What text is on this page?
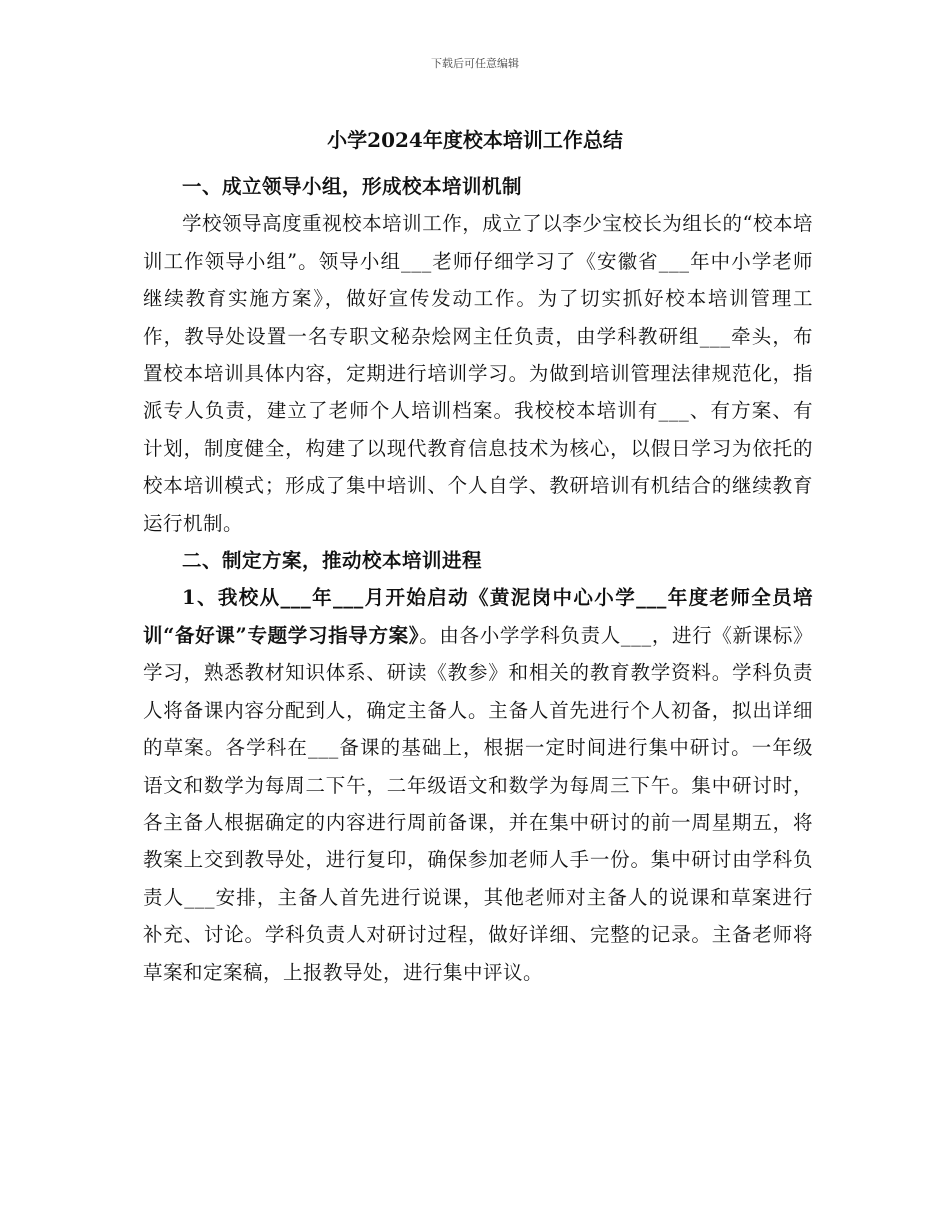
下载后可任意编辑
小学2024年度校本培训工作总结

一、成立领导小组，形成校本培训机制

学校领导高度重视校本培训工作，成立了以李少宝校长为组长的“校本培训工作领导小组”。领导小组___老师仔细学习了《安徽省___年中小学老师继续教育实施方案》，做好宣传发动工作。为了切实抓好校本培训管理工作，教导处设置一名专职文秘杂烩网主任负责，由学科教研组___牵头，布置校本培训具体内容，定期进行培训学习。为做到培训管理法律规范化，指派专人负责，建立了老师个人培训档案。我校校本培训有___、有方案、有计划，制度健全，构建了以现代教育信息技术为核心，以假日学习为依托的校本培训模式；形成了集中培训、个人自学、教研培训有机结合的继续教育运行机制。

二、制定方案，推动校本培训进程

1、我校从___年___月开始启动《黄泥岗中心小学___年度老师全员培训“备好课”专题学习指导方案》。由各小学学科负责人___，进行《新课标》学习，熟悉教材知识体系、研读《教参》和相关的教育教学资料。学科负责人将备课内容分配到人，确定主备人。主备人首先进行个人初备，拟出详细的草案。各学科在___备课的基础上，根据一定时间进行集中研讨。一年级语文和数学为每周二下午，二年级语文和数学为每周三下午。集中研讨时，各主备人根据确定的内容进行周前备课，并在集中研讨的前一周星期五，将教案上交到教导处，进行复印，确保参加老师人手一份。集中研讨由学科负责人___安排，主备人首先进行说课，其他老师对主备人的说课和草案进行补充、讨论。学科负责人对研讨过程，做好详细、完整的记录。主备老师将草案和定案稿，上报教导处，进行集中评议。
